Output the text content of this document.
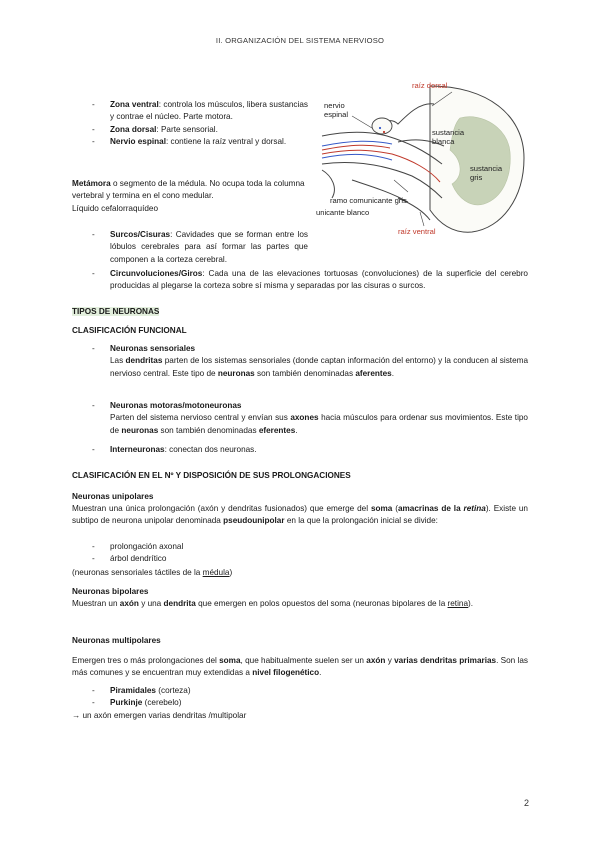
II. ORGANIZACIÓN DEL SISTEMA NERVIOSO
- Zona ventral: controla los músculos, libera sustancias y contrae el núcleo. Parte motora.
- Zona dorsal: Parte sensorial.
- Nervio espinal: contiene la raíz ventral y dorsal.
Metámora o segmento de la médula. No ocupa toda la columna vertebral y termina en el cono medular.
Líquido cefalorraquídeo
raíz dorsal
nervio espinal
sustancia blanca
sustancia gris
ramo comunicante gris
unicante blanco
raíz ventral
- Surcos/Cisuras: Cavidades que se forman entre los lóbulos cerebrales para así formar las partes que componen a la corteza cerebral.
- Circunvoluciones/Giros: Cada una de las elevaciones tortuosas (convoluciones) de la superficie del cerebro producidas al plegarse la corteza sobre sí misma y separadas por las cisuras o surcos.
TIPOS DE NEURONAS
CLASIFICACIÓN FUNCIONAL
- Neuronas sensoriales
Las dendritas parten de los sistemas sensoriales (donde captan información del entorno) y la conducen al sistema nervioso central. Este tipo de neuronas son también denominadas aferentes.
- Neuronas motoras/motoneuronas
Parten del sistema nervioso central y envían sus axones hacia músculos para ordenar sus movimientos. Este tipo de neuronas son también denominadas eferentes.
- Interneuronas: conectan dos neuronas.
CLASIFICACIÓN EN EL Nº Y DISPOSICIÓN DE SUS PROLONGACIONES
Neuronas unipolares
Muestran una única prolongación (axón y dendritas fusionados) que emerge del soma (amacrinas de la retina). Existe un subtipo de neurona unipolar denominada pseudounipolar en la que la prolongación inicial se divide:
- prolongación axonal
- árbol dendrítico
(neuronas sensoriales táctiles de la médula)
Neuronas bipolares
Muestran un axón y una dendrita que emergen en polos opuestos del soma (neuronas bipolares de la retina).
Neuronas multipolares
Emergen tres o más prolongaciones del soma, que habitualmente suelen ser un axón y varias dendritas primarias. Son las más comunes y se encuentran muy extendidas a nivel filogenético.
- Piramidales (corteza)
- Purkinje (cerebelo)
→ un axón emergen varias dendritas /multipolar
2
